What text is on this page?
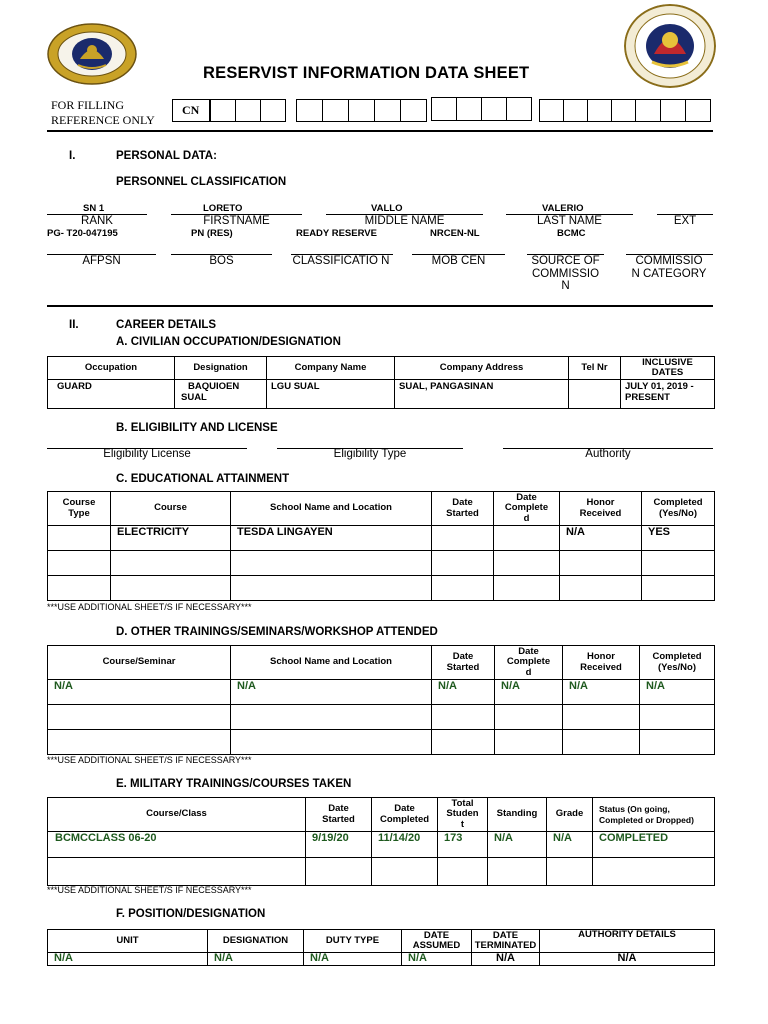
RESERVIST INFORMATION DATA SHEET
FOR FILLING
REFERENCE ONLY
CN
I.	PERSONAL DATA:
PERSONNEL CLASSIFICATION
SN 1	LORETO	VALLO	VALERIO
RANK	FIRSTNAME	MIDDLE NAME	LAST NAME	EXT
PG- T20-047195	PN (RES)	READY RESERVE	NRCEN-NL	BCMC
AFPSN	BOS	CLASSIFICATIO N	MOB CEN	SOURCE OF COMMISSIO N
COMMISSIO N CATEGORY
II.	CAREER DETAILS
A. CIVILIAN OCCUPATION/DESIGNATION
Occupation	Designation	Company Name	Company Address	Tel Nr	INCLUSIVE DATES
GUARD	BAQUIOEN SUAL	LGU SUAL	SUAL, PANGASINAN		JULY 01, 2019 - PRESENT
B. ELIGIBILITY AND LICENSE
Eligibility License	Eligibility Type	Authority
C. EDUCATIONAL ATTAINMENT
Course Type	Course	School Name and Location	Date Started	Date Complete d	Honor Received	Completed (Yes/No)
	ELECTRICITY	TESDA LINGAYEN			N/A	YES

***USE ADDITIONAL SHEET/S IF NECESSARY***
D. OTHER TRAININGS/SEMINARS/WORKSHOP ATTENDED
Course/Seminar	School Name and Location	Date Started	Date Complete d	Honor Received	Completed (Yes/No)
N/A	N/A	N/A	N/A	N/A	N/A

***USE ADDITIONAL SHEET/S IF NECESSARY***
E. MILITARY TRAININGS/COURSES TAKEN
Course/Class	Date Started	Date Completed	Total Studen t	Standing	Grade	Status (On going, Completed or Dropped)
BCMCCLASS 06-20	9/19/20	11/14/20	173	N/A	N/A	COMPLETED

***USE ADDITIONAL SHEET/S IF NECESSARY***
F. POSITION/DESIGNATION
UNIT	DESIGNATION	DUTY TYPE	DATE ASSUMED	DATE TERMINATED	AUTHORITY DETAILS
N/A	N/A	N/A	N/A	N/A	N/A
